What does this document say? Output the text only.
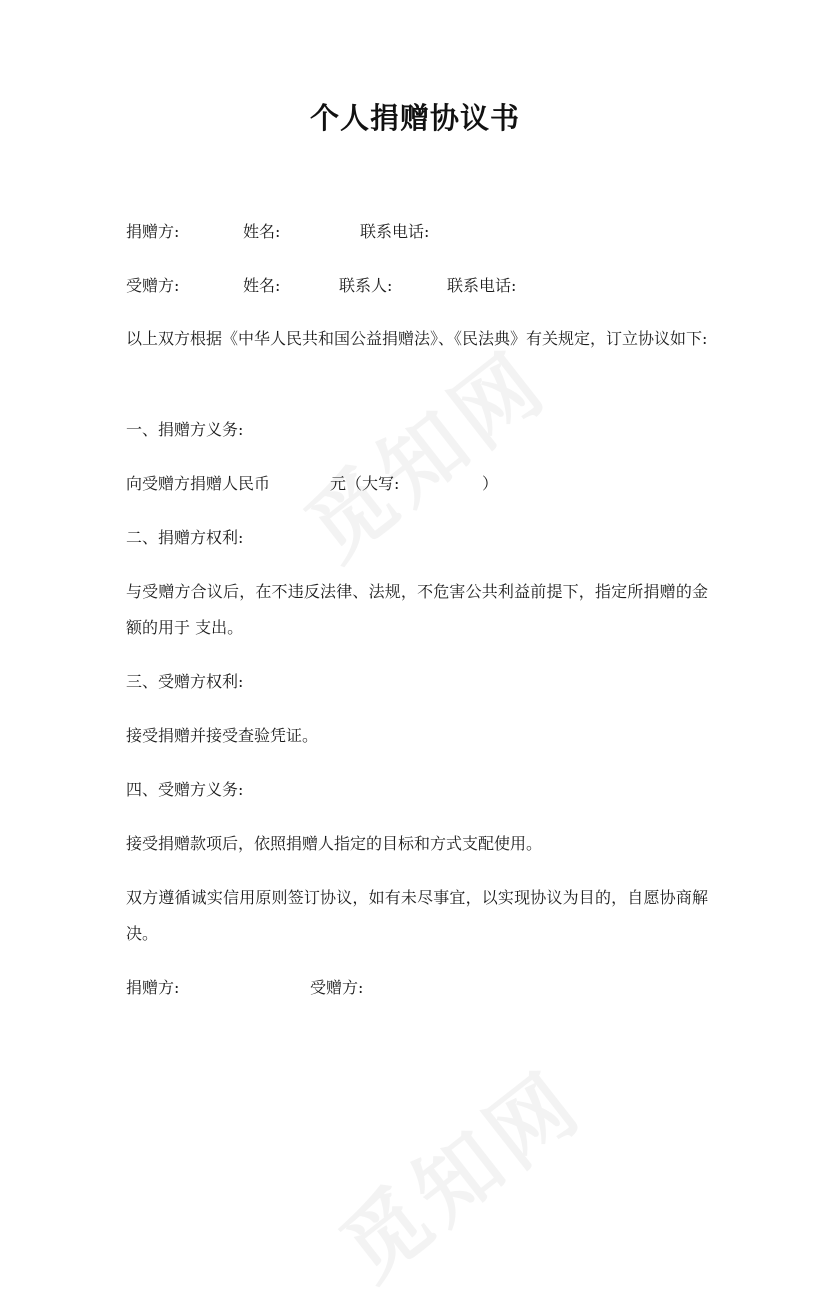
个人捐赠协议书
捐赠方:	姓名:	联系电话:
受赠方:	姓名:	联系人:	联系电话:
以上双方根据《中华人民共和国公益捐赠法》、《民法典》有关规定，订立协议如下:
一、捐赠方义务:
向受赠方捐赠人民币	元（大写:	）
二、捐赠方权利:
与受赠方合议后，在不违反法律、法规，不危害公共利益前提下，指定所捐赠的金额的用于 支出。
三、受赠方权利:
接受捐赠并接受查验凭证。
四、受赠方义务:
接受捐赠款项后，依照捐赠人指定的目标和方式支配使用。
双方遵循诚实信用原则签订协议，如有未尽事宜，以实现协议为目的，自愿协商解决。
捐赠方:	受赠方:
